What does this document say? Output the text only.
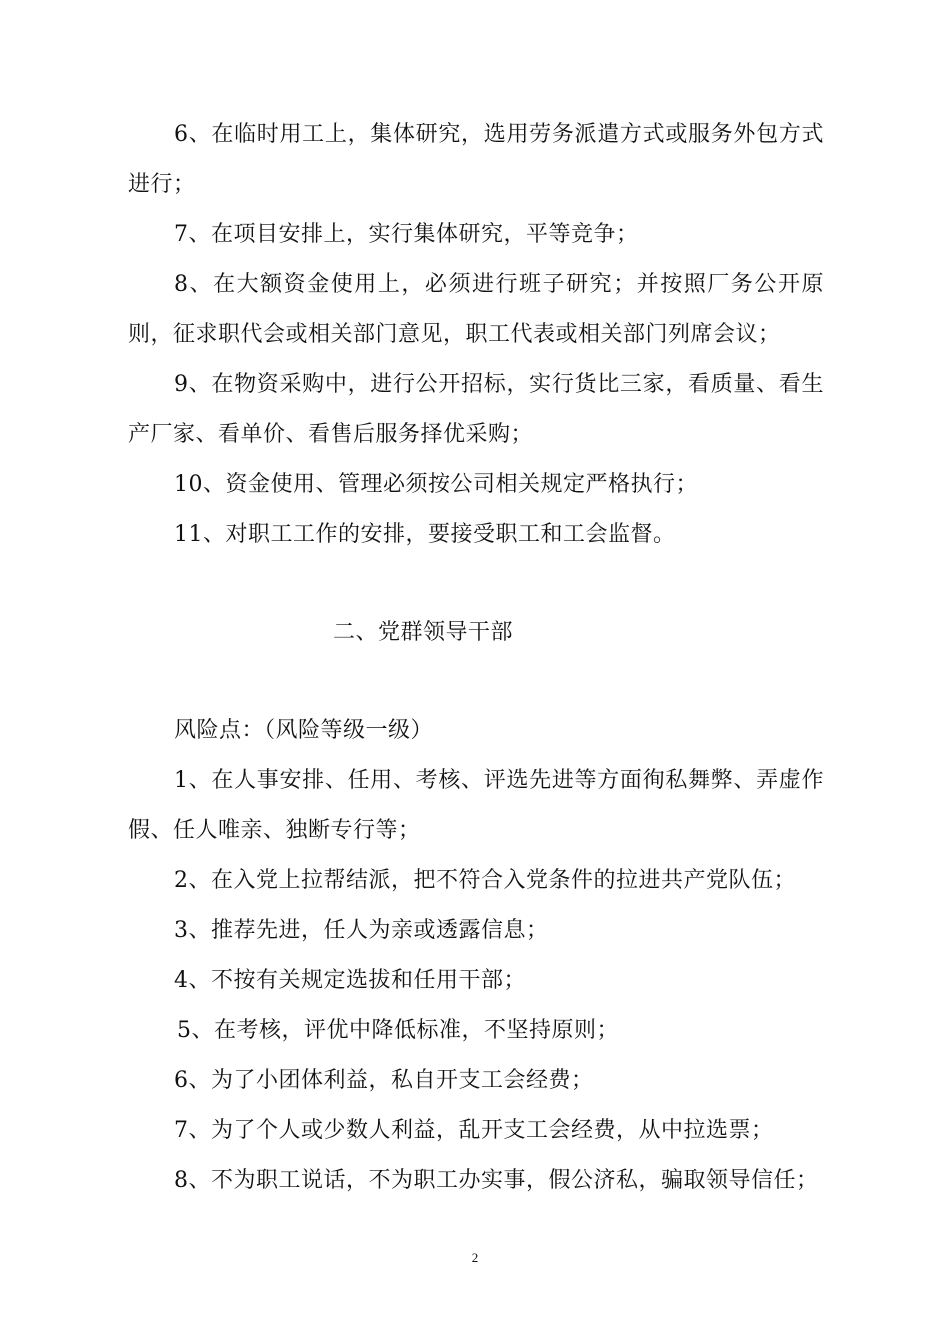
6、在临时用工上，集体研究，选用劳务派遣方式或服务外包方式进行；

7、在项目安排上，实行集体研究，平等竞争；

8、在大额资金使用上，必须进行班子研究；并按照厂务公开原则，征求职代会或相关部门意见，职工代表或相关部门列席会议；

9、在物资采购中，进行公开招标，实行货比三家，看质量、看生产厂家、看单价、看售后服务择优采购；

10、资金使用、管理必须按公司相关规定严格执行；

11、对职工工作的安排，要接受职工和工会监督。

二、党群领导干部

风险点：（风险等级一级）

1、在人事安排、任用、考核、评选先进等方面徇私舞弊、弄虚作假、任人唯亲、独断专行等；

2、在入党上拉帮结派，把不符合入党条件的拉进共产党队伍；

3、推荐先进，任人为亲或透露信息；

4、不按有关规定选拔和任用干部；

5、在考核，评优中降低标准，不坚持原则；

6、为了小团体利益，私自开支工会经费；

7、为了个人或少数人利益，乱开支工会经费，从中拉选票；

8、不为职工说话，不为职工办实事，假公济私，骗取领导信任；

2
